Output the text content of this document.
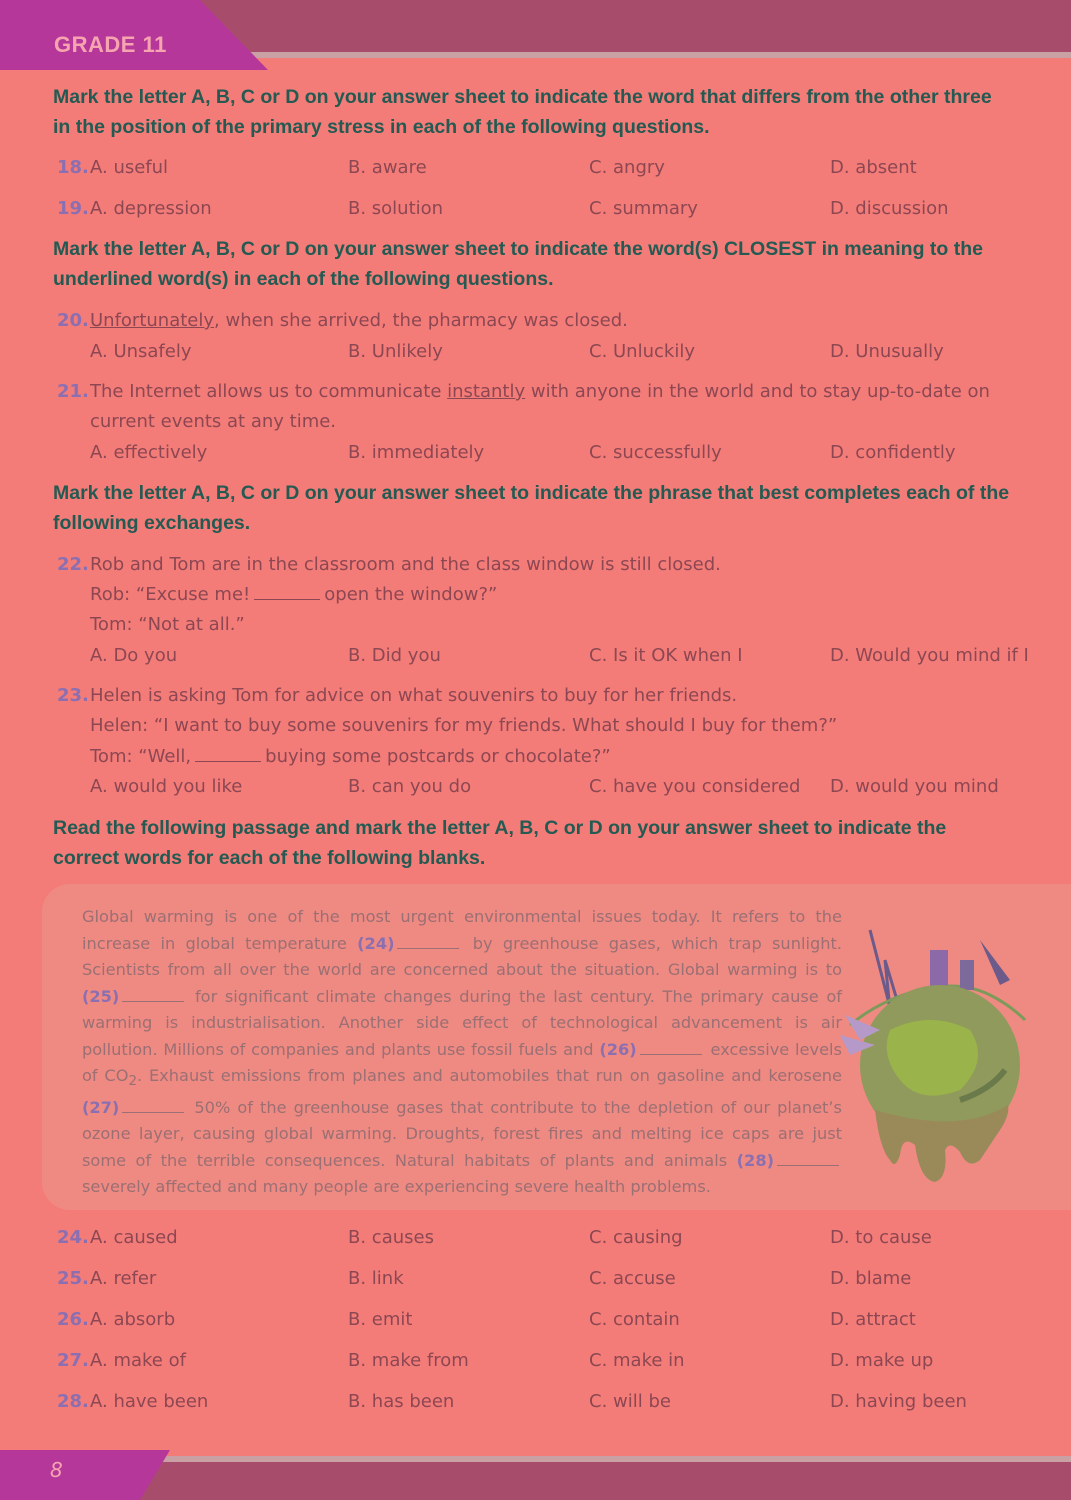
GRADE 11
Mark the letter A, B, C or D on your answer sheet to indicate the word that differs from the other three in the position of the primary stress in each of the following questions.
18. A. useful	B. aware	C. angry	D. absent
19. A. depression	B. solution	C. summary	D. discussion
Mark the letter A, B, C or D on your answer sheet to indicate the word(s) CLOSEST in meaning to the underlined word(s) in each of the following questions.
20. Unfortunately, when she arrived, the pharmacy was closed.
A. Unsafely	B. Unlikely	C. Unluckily	D. Unusually
21. The Internet allows us to communicate instantly with anyone in the world and to stay up-to-date on
current events at any time.
A. effectively	B. immediately	C. successfully	D. confidently
Mark the letter A, B, C or D on your answer sheet to indicate the phrase that best completes each of the following exchanges.
22. Rob and Tom are in the classroom and the class window is still closed.
Rob: “Excuse me!	open the window?”
Tom: “Not at all.”
A. Do you	B. Did you	C. Is it OK when I	D. Would you mind if I
23. Helen is asking Tom for advice on what souvenirs to buy for her friends.
Helen: “I want to buy some souvenirs for my friends. What should I buy for them?”
Tom: “Well,	buying some postcards or chocolate?”
A. would you like	B. can you do	C. have you considered D. would you mind
Read the following passage and mark the letter A, B, C or D on your answer sheet to indicate the correct words for each of the following blanks.
Global warming is one of the most urgent environmental issues today. It refers to the increase in global temperature (24)	by greenhouse gases, which trap sunlight. Scientists from all over the world are concerned about the situation. Global warming is to (25)	for significant climate changes during the last century. The primary cause of warming is industrialisation. Another side effect of technological advancement is air pollution. Millions of companies and plants use fossil fuels and (26)	excessive levels of $CO_2$. Exhaust emissions from planes and automobiles that run on gasoline and kerosene (27)	50% of the greenhouse gases that contribute to the depletion of our planet’s ozone layer, causing global warming. Droughts, forest fires and melting ice caps are just some of the terrible consequences. Natural habitats of plants and animals (28) severely affected and many people are experiencing severe health problems.
24. A. caused	B. causes	C. causing	D. to cause
25. A. refer	B. link	C. accuse	D. blame
26. A. absorb	B. emit	C. contain	D. attract
27. A. make of	B. make from	C. make in	D. make up
28. A. have been	B. has been	C. will be	D. having been
8
